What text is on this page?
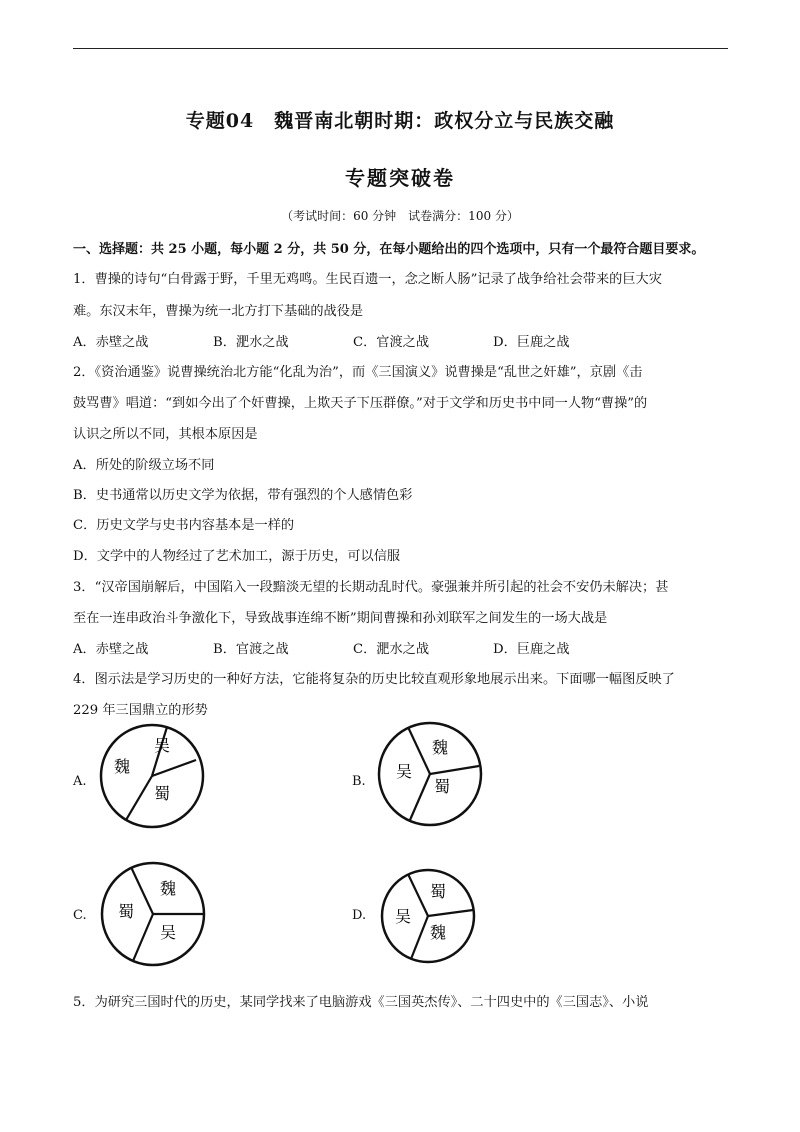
专题04　魏晋南北朝时期：政权分立与民族交融
专题突破卷
（考试时间：60 分钟　试卷满分：100 分）
一、选择题：共 25 小题，每小题 2 分，共 50 分，在每小题给出的四个选项中，只有一个最符合题目要求。
1．曹操的诗句“白骨露于野，千里无鸡鸣。生民百遗一，念之断人肠”记录了战争给社会带来的巨大灾
难。东汉末年，曹操为统一北方打下基础的战役是
A．赤壁之战	B．淝水之战	C．官渡之战	D．巨鹿之战
2．《资治通鉴》说曹操统治北方能“化乱为治”，而《三国演义》说曹操是“乱世之奸雄”，京剧《击
鼓骂曹》唱道：“到如今出了个奸曹操，上欺天子下压群僚。”对于文学和历史书中同一人物“曹操”的
认识之所以不同，其根本原因是
A．所处的阶级立场不同
B．史书通常以历史文学为依据，带有强烈的个人感情色彩
C．历史文学与史书内容基本是一样的
D．文学中的人物经过了艺术加工，源于历史，可以信服
3．“汉帝国崩解后，中国陷入一段黯淡无望的长期动乱时代。豪强兼并所引起的社会不安仍未解决；甚
至在一连串政治斗争激化下，导致战事连绵不断”期间曹操和孙刘联军之间发生的一场大战是
A．赤壁之战	B．官渡之战	C．淝水之战	D．巨鹿之战
4．图示法是学习历史的一种好方法，它能将复杂的历史比较直观形象地展示出来。下面哪一幅图反映了
229 年三国鼎立的形势
A.
魏
吴
蜀
B.
吴
魏
蜀
C. 蜀
魏
吴
D. 吴
蜀
魏
5．为研究三国时代的历史，某同学找来了电脑游戏《三国英杰传》、二十四史中的《三国志》、小说
